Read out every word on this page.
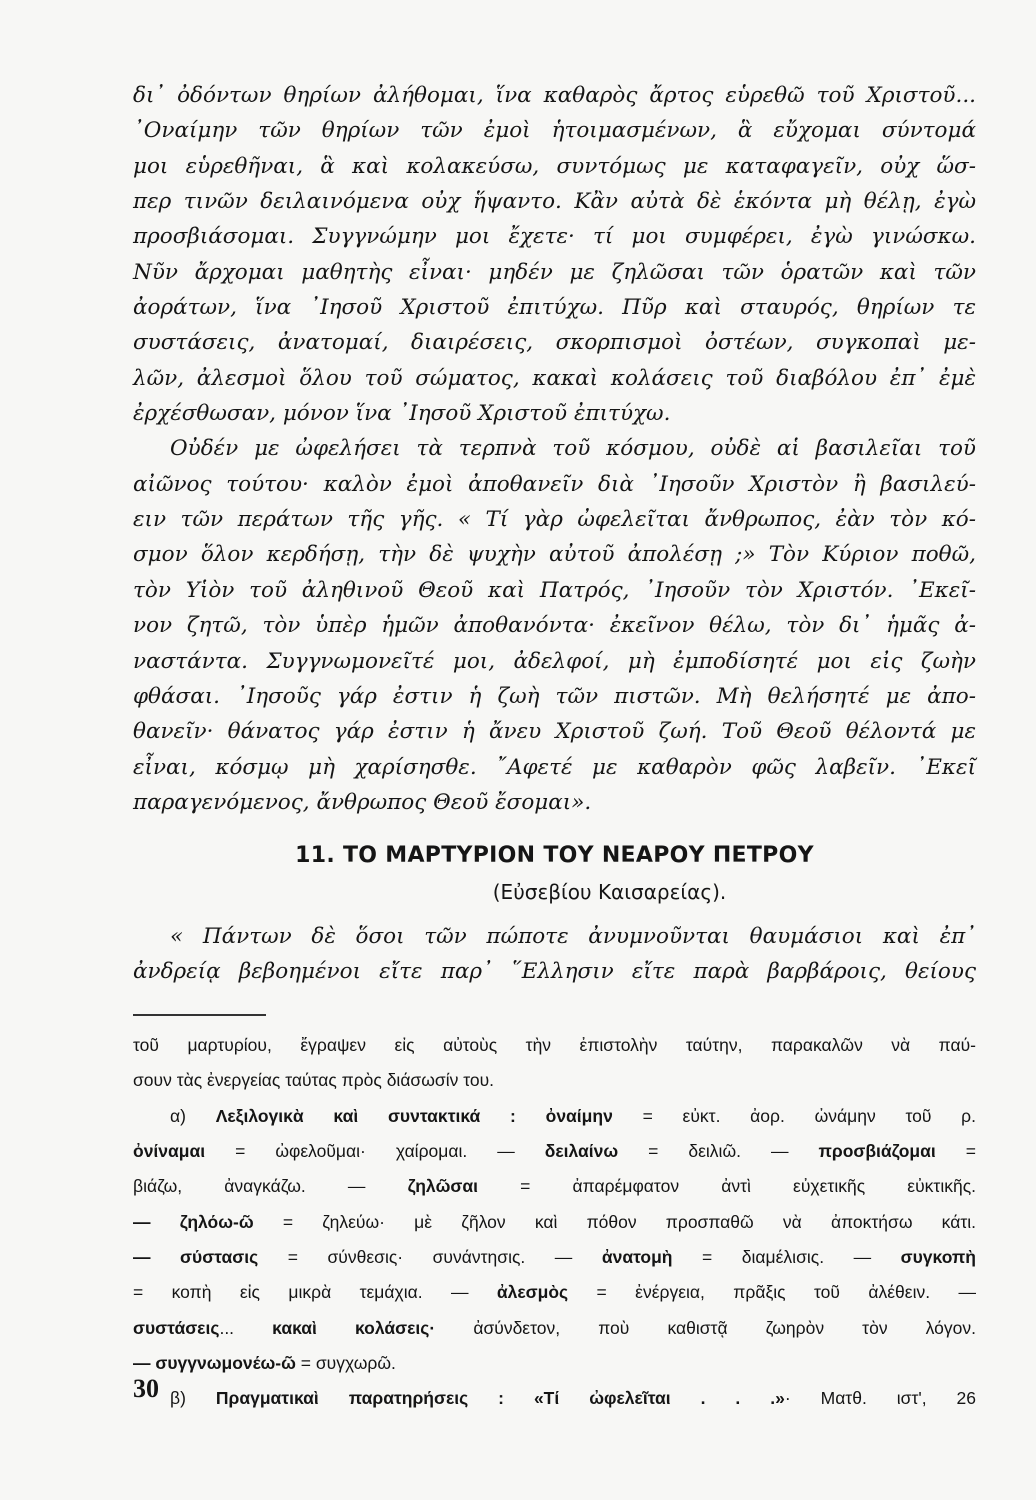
δι᾽ ὀδόντων θηρίων ἀλήθομαι, ἵνα καθαρὸς ἄρτος εὑρεθῶ τοῦ Χριστοῦ...
᾿Οναίμην τῶν θηρίων τῶν ἐμοὶ ἡτοιμασμένων, ἃ εὔχομαι σύντομά
μοι εὑρεθῆναι, ἃ καὶ κολακεύσω, συντόμως με καταφαγεῖν, οὐχ ὥσ-
περ τινῶν δειλαινόμενα οὐχ ἥψαντο. Κἂν αὐτὰ δὲ ἑκόντα μὴ θέλῃ, ἐγὼ
προσβιάσομαι. Συγγνώμην μοι ἔχετε· τί μοι συμφέρει, ἐγὼ γινώσκω.
Νῦν ἄρχομαι μαθητὴς εἶναι· μηδέν με ζηλῶσαι τῶν ὁρατῶν καὶ τῶν
ἀοράτων, ἵνα ᾿Ιησοῦ Χριστοῦ ἐπιτύχω. Πῦρ καὶ σταυρός, θηρίων τε
συστάσεις, ἀνατομαί, διαιρέσεις, σκορπισμοὶ ὀστέων, συγκοπαὶ με-
λῶν, ἀλεσμοὶ ὅλου τοῦ σώματος, κακαὶ κολάσεις τοῦ διαβόλου ἐπ᾽ ἐμὲ
ἐρχέσθωσαν, μόνον ἵνα ᾿Ιησοῦ Χριστοῦ ἐπιτύχω.
Οὐδέν με ὠφελήσει τὰ τερπνὰ τοῦ κόσμου, οὐδὲ αἱ βασιλεῖαι τοῦ
αἰῶνος τούτου· καλὸν ἐμοὶ ἀποθανεῖν διὰ ᾿Ιησοῦν Χριστὸν ἢ βασιλεύ-
ειν τῶν περάτων τῆς γῆς. « Τί γὰρ ὠφελεῖται ἄνθρωπος, ἐὰν τὸν κό-
σμον ὅλον κερδήσῃ, τὴν δὲ ψυχὴν αὐτοῦ ἀπολέσῃ ;» Τὸν Κύριον ποθῶ,
τὸν Υἱὸν τοῦ ἀληθινοῦ Θεοῦ καὶ Πατρός, ᾿Ιησοῦν τὸν Χριστόν. ᾿Εκεῖ-
νον ζητῶ, τὸν ὑπὲρ ἡμῶν ἀποθανόντα· ἐκεῖνον θέλω, τὸν δι᾽ ἡμᾶς ἀ-
ναστάντα. Συγγνωμονεῖτέ μοι, ἀδελφοί, μὴ ἐμποδίσητέ μοι εἰς ζωὴν
φθάσαι. ᾿Ιησοῦς γάρ ἐστιν ἡ ζωὴ τῶν πιστῶν. Μὴ θελήσητέ με ἀπο-
θανεῖν· θάνατος γάρ ἐστιν ἡ ἄνευ Χριστοῦ ζωή. Τοῦ Θεοῦ θέλοντά με
εἶναι, κόσμῳ μὴ χαρίσησθε. ῎Αφετέ με καθαρὸν φῶς λαβεῖν. ᾿Εκεῖ
παραγενόμενος, ἄνθρωπος Θεοῦ ἔσομαι».
11. ΤΟ ΜΑΡΤΥΡΙΟΝ ΤΟΥ ΝΕΑΡΟΥ ΠΕΤΡΟΥ
(Εὐσεβίου Καισαρείας).
« Πάντων δὲ ὅσοι τῶν πώποτε ἀνυμνοῦνται θαυμάσιοι καὶ ἐπ᾽
ἀνδρείᾳ βεβοημένοι εἴτε παρ᾽ ῞Ελλησιν εἴτε παρὰ βαρβάροις, θείους
τοῦ μαρτυρίου, ἔγραψεν εἰς αὐτοὺς τὴν ἐπιστολὴν ταύτην, παρακαλῶν νὰ παύ-
σουν τὰς ἐνεργείας ταύτας πρὸς διάσωσίν του.
α) Λεξιλογικὰ καὶ συντακτικά : ὀναίμην = εὐκτ. ἀορ. ὠνάμην τοῦ ρ.
ὀνίναμαι = ὠφελοῦμαι· χαίρομαι. — δειλαίνω = δειλιῶ. — προσβιάζομαι =
βιάζω, ἀναγκάζω. — ζηλῶσαι = ἀπαρέμφατον ἀντὶ εὐχετικῆς εὐκτικῆς.
— ζηλόω-ῶ = ζηλεύω· μὲ ζῆλον καὶ πόθον προσπαθῶ νὰ ἀποκτήσω κάτι.
— σύστασις = σύνθεσις· συνάντησις. — ἀνατομὴ = διαμέλισις. — συγκοπὴ
= κοπὴ εἰς μικρὰ τεμάχια. — ἀλεσμὸς = ἐνέργεια, πρᾶξις τοῦ ἀλέθειν. —
συστάσεις... κακαὶ κολάσεις· ἀσύνδετον, ποὺ καθιστᾷ ζωηρὸν τὸν λόγον.
— συγγνωμονέω-ῶ = συγχωρῶ.
β) Πραγματικαὶ παρατηρήσεις : «Τί ὠφελεῖται . . .»· Ματθ. ιστ', 26
30
